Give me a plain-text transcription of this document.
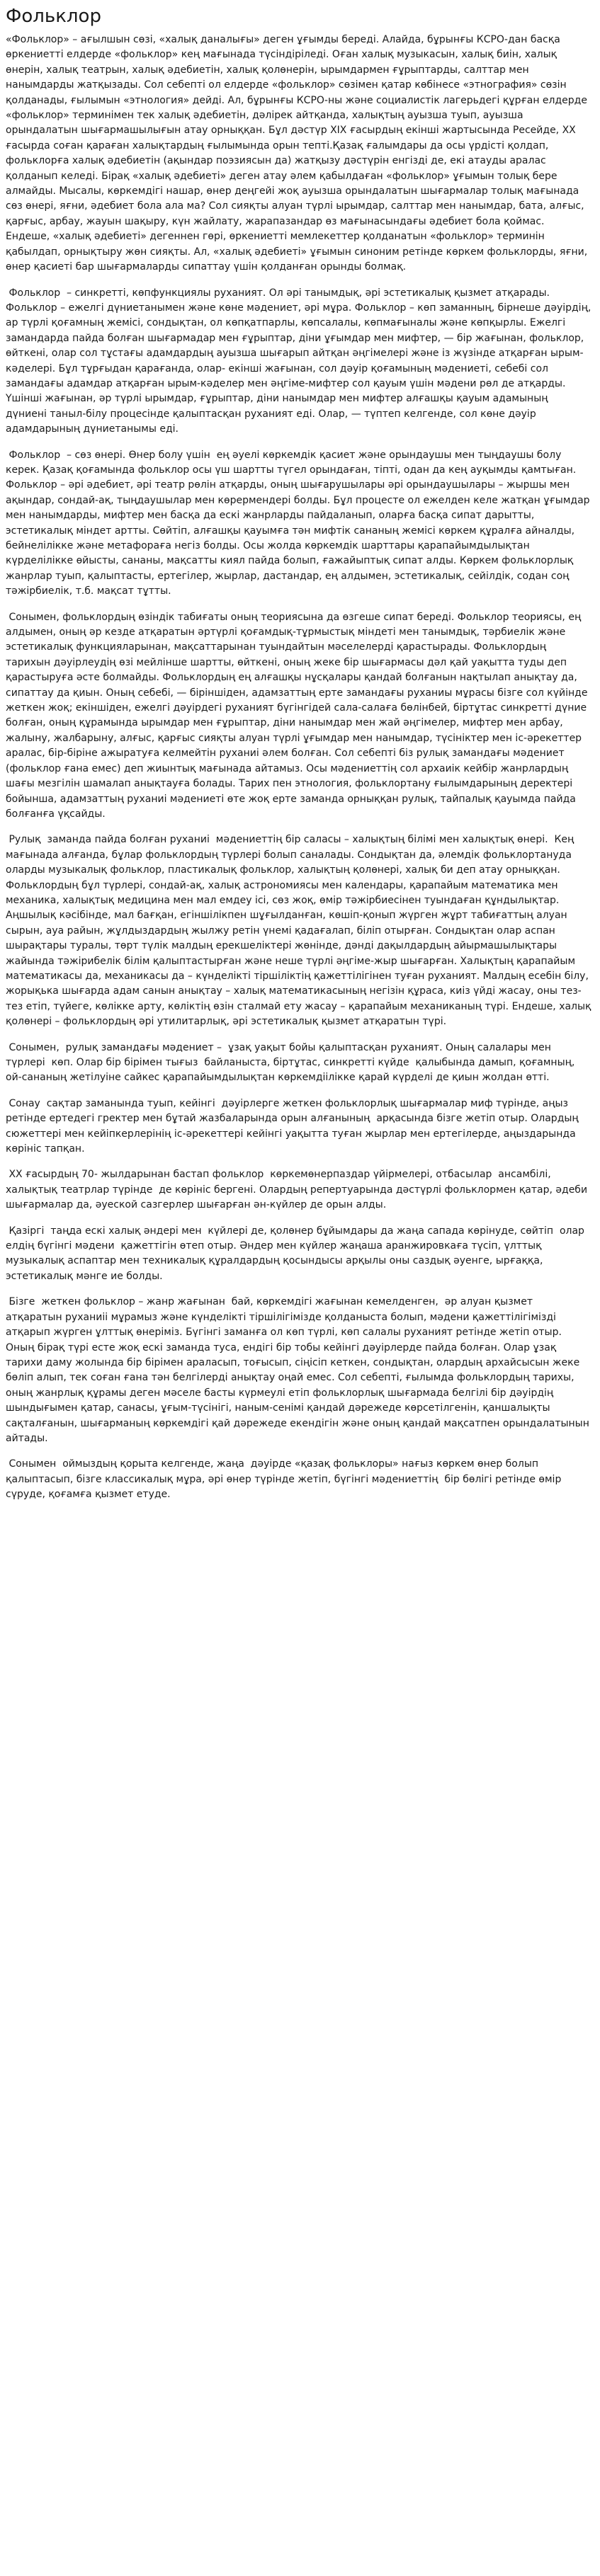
Фольклор

«Фольклор» – ағылшын сөзі, «халық даналығы» деген ұғымды береді. Алайда, бұрынғы КСРО-дан басқа өркениетті елдерде «фольклор» кең мағынада түсіндіріледі. Оған халық музыкасын, халық биін, халық өнерін, халық театрын, халық әдебиетін, халық қолөнерін, ырымдармен ғұрыптарды, салттар мен нанымдарды жатқызады. Сол себепті ол елдерде «фольклор» сөзімен қатар көбінесе «этнография» сөзін қолданады, ғылымын «этнология» дейді. Ал, бұрынғы КСРО-ны және социалистік лагерьдегі құрған елдерде «фольклор» терминімен тек халық әдебиетін, дәлірек айтқанда, халықтың ауызша туып, ауызша орындалатын шығармашылығын атау орныққан. Бұл дәстүр XIX ғасырдың екінші жартысында Ресейде, XX ғасырда соған қараған халықтардың ғылымында орын тепті.Қазақ ғалымдары да осы үрдісті қолдап, фольклорға халық әдебиетін (ақындар поэзиясын да) жатқызу дәстүрін енгізді де, екі атауды аралас қолданып келеді. Бірақ «халық әдебиеті» деген атау әлем қабылдаған «фольклор» ұғымын толық бере алмайды. Мысалы, көркемдігі нашар, өнер деңгейі жоқ ауызша орындалатын шығармалар толық мағынада сөз өнері, яғни, әдебиет бола ала ма? Сол сияқты алуан түрлі ырымдар, салттар мен нанымдар, бата, алғыс, қарғыс, арбау, жауын шақыру, күн жайлату, жарапазандар өз мағынасындағы әдебиет бола қоймас. Ендеше, «халық әдебиеті» дегеннен гөрі, өркениетті мемлекеттер қолданатын «фольклор» терминін қабылдап, орнықтыру жөн сияқты. Ал, «халық әдебиеті» ұғымын синоним ретінде көркем фольклорды, яғни, өнер қасиеті бар шығармаларды сипаттау үшін қолданған орынды болмақ.

Фольклор  – синкретті, көпфункциялы руханият. Ол әрі танымдық, әрі эстетикалық қызмет атқарады. Фольклор – ежелгі дүниетанымен және көне мәдениет, әрі мұра. Фольклор – көп заманның, бірнеше дәуірдің, ар түрлі қоғамның жемісі, сондықтан, ол көпқатпарлы, көпсалалы, көпмағыналы және көпқырлы. Ежелгі замандарда пайда болған шығармадар мен ғұрыптар, діни ұғымдар мен мифтер, — бір жағынан, фольклор, өйткені, олар сол тұстағы адамдардың ауызша шығарып айтқан әңгімелері және із жүзінде атқарған ырым-кәделері. Бұл тұрғыдан қарағанда, олар- екінші жағынан, сол дәуір қоғамының мәдениеті, себебі сол замандағы адамдар атқарған ырым-кәделер мен әңгіме-мифтер сол қауым үшін мәдени рөл де атқарды. Үшінші жағынан, әр түрлі ырымдар, ғұрыптар, діни нанымдар мен мифтер алғашқы қауым адамының дүниені таныл-білу процесінде қалыптасқан руханият еді. Олар, — түптеп келгенде, сол көне дәуір адамдарының дүниетанымы еді.

Фольклор  – сөз өнері. Өнер болу үшін  ең әуелі көркемдік қасиет және орындаушы мен тыңдаушы болу  керек. Қазақ қоғамында фольклор осы үш шартты түгел орындаған, тіпті, одан да кең ауқымды қамтыған. Фольклор – әрі әдебиет, әрі театр рөлін атқарды, оның шығарушылары әрі орындаушылары – жыршы мен ақындар, сондай-ақ, тыңдаушылар мен көрермендері болды. Бұл процесте ол ежелден келе жатқан ұғымдар мен нанымдарды, мифтер мен басқа да ескі жанрларды пайдаланып, оларға басқа сипат дарытты, эстетикалық міндет артты. Сөйтіп, алғашқы қауымға тән мифтік сананың жемісі көркем құралға айналды, бейнелілікке және метафораға негіз болды. Осы жолда көркемдік шарттары қарапайымдылықтан күрделілікке өйысты, сананы, мақсатты киял пайда болып, ғажайыптық сипат алды. Көркем фольклорлық жанрлар туып, қалыптасты, ертегілер, жырлар, дастандар, ең алдымен, эстетикалық, сейілдік, содан соң тәжірбиелік, т.б. мақсат тұтты.

Сонымен, фольклордың өзіндік табиғаты оның теориясына да өзгеше сипат береді. Фольклор теориясы, ең алдымен, оның әр кезде атқаратын әртүрлі қоғамдық-тұрмыстық міндеті мен танымдық, тәрбиелік және эстетикалық функцияларынан, мақсаттарынан туындайтын мәселелерді қарастырады. Фольклордың тарихын дәуірлеудің өзі мейлінше шартты, өйткені, оның жеке бір шығармасы дәл қай уақытта туды деп қарастыруға әсте болмайды. Фольклордың ең алғашқы нұсқалары қандай болғанын нақтылап анықтау да, сипаттау да қиын. Оның себебі, — біріншіден, адамзаттың ерте замандағы руханиы мұрасы бізге сол күйінде жеткен жоқ; екіншіден, ежелгі дәуірдегі руханият бүгінгідей сала-салаға бөлінбей, біртұтас синкретті дүние болған, оның құрамында ырымдар мен ғұрыптар, діни нанымдар мен жай әңгімелер, мифтер мен арбау, жалыну, жалбарыну, алғыс, қарғыс сияқты алуан түрлі ұғымдар мен нанымдар, түсініктер мен іс-әрекеттер аралас, бір-біріне ажыратуға келмейтін руханиі әлем болған. Сол себепті біз рулық замандағы мәдениет (фольклор ғана емес) деп жиынтық мағынада айтамыз. Осы мәдениеттің сол архаиік кейбір жанрлардың шағы мезгілін шамалап анықтауға болады. Тарих пен этнология, фольклортану ғылымдарының деректері бойынша, адамзаттың руханиі мәдениеті өте жоқ ерте заманда орныққан рулық, тайпалық қауымда пайда болғанға үқсайды.

Рулық  заманда пайда болған руханиі  мәдениеттің бір саласы – халықтың білімі мен халықтық өнері.  Кең мағынада алғанда, бұлар фольклордың түрлері болып саналады. Сондықтан да, әлемдік фольклортануда оларды музыкалық фольклор, пластикалық фольклор, халықтың қолөнері, халық би деп атау орныққан. Фольклордың бұл түрлері, сондай-ақ, халық астрономиясы мен календары, қарапайым математика мен механика, халықтық медицина мен мал емдеу ісі, сөз жоқ, өмір тәжірбиесінен туындаған құндылықтар. Аңшылық кәсібінде, мал бағқан, егіншілікпен шұғылданған, көшіп-қонып жүрген жұрт табиғаттың алуан сырын, ауа райын, жұлдыздардың жылжу ретін үнемі қадағалап, біліп отырған. Сондықтан олар аспан шырақтары туралы, төрт түлік малдың ерекшеліктері жөнінде, дәнді дақылдардың айырмашылықтары жайында тәжірибелік білім қалыптастырған және неше түрлі әңгіме-жыр шығарған. Халықтың қарапайым математикасы да, механикасы да – күнделікті тіршіліктің қажеттілігінен туған руханият. Малдың есебін білу, жорықька шығарда адам санын анықтау – халық математикасының негізін құраса, киіз үйді жасау, оны тез-тез етіп, түйеге, көлікке арту, көліктің өзін сталмай ету жасау – қарапайым механиканың түрі. Ендеше, халық қолөнері – фольклордың әрі утилитарлық, әрі эстетикалық қызмет атқаратын түрі.

Сонымен,  рулық замандағы мәдениет –  ұзақ уақыт бойы қалыптасқан руханият. Оның салалары мен түрлері  көп. Олар бір бірімен тығыз  байланыста, біртұтас, синкретті күйде  қалыбында дамып, қоғамның, ой-сананың жетілуіне сайкес қарапайымдылықтан көркемдіілікке қарай күрделі де қиын жолдан өтті.

Сонау  сақтар заманында туып, кейінгі  дәуірлерге жеткен фольклорлық шығармалар миф түрінде, аңыз  ретінде ертедегі гректер мен бұтай жазбаларында орын алғанының  арқасында бізге жетіп отыр. Олардың сюжеттері мен кейіпкерлерінің іс-әрекеттері кейінгі уақытта туған жырлар мен ертегілерде, аңыздарында көрініс тапқан.

XX ғасырдың 70- жылдарынан бастап фольклор  көркемөнерпаздар үйірмелері, отбасылар  ансамбілі, халықтық театрлар түрінде  де көрініс бергені. Олардың репертуарында дәстүрлі фольклормен қатар, әдеби шығармалар да, әуеской сазгерлер шығарған ән-күйлер де орын алды.

Қазіргі  таңда ескі халық әндері мен  күйлері де, қолөнер бұйымдары да жаңа сапада көрінуде, сөйтіп  олар елдің бүгінгі мәдени  қажеттігін өтеп отыр. Әндер мен күйлер жаңаша аранжировкаға түсіп, үлттық музыкалық аспаптар мен техникалық құралдардың қосындысы арқылы оны саздық әуенге, ырғаққа, эстетикалық мәнге ие болды.

Бізге  жеткен фольклор – жанр жағынан  бай, көркемдігі жағынан кемелденген,  әр алуан қызмет атқаратын руханиіі мұрамыз және күнделікті тіршілігімізде қолданыста болып, мәдени қажеттілігімізді атқарып жүрген ұлттық өнеріміз. Бүгінгі заманға ол көп түрлі, көп салалы руханият ретінде жетіп отыр. Оның бірақ түрі есте жоқ ескі заманда туса, ендігі бір тобы кейінгі дәуірлерде пайда болған. Олар ұзақ тарихи даму жолында бір бірімен араласып, тоғысып, сіңісіп кеткен, сондықтан, олардың архайсысын жеке бөліп алып, тек соған ғана тән белгілерді анықтау оңай емес. Сол себепті, ғылымда фольклордың тарихы, оның жанрлық құрамы деген мәселе басты күрмеулі етіп фольклорлық шығармада белгілі бір дәуірдің шындығымен қатар, санасы, ұғым-түсінігі, наным-сенімі қандай дәрежеде көрсетілгенін, қаншалықты сақталғанын, шығарманың көркемдігі қай дәрежеде екендігін және оның қандай мақсатпен орындалатынын айтады.

Сонымен  оймыздың қорыта келгенде, жаңа  дәуірде «қазақ фольклоры» нағыз көркем өнер болып қалыптасып, бізге классикалық мұра, әрі өнер түрінде жетіп, бүгінгі мәдениеттің  бір бөлігі ретінде өмір сүруде, қоғамға қызмет етуде.
